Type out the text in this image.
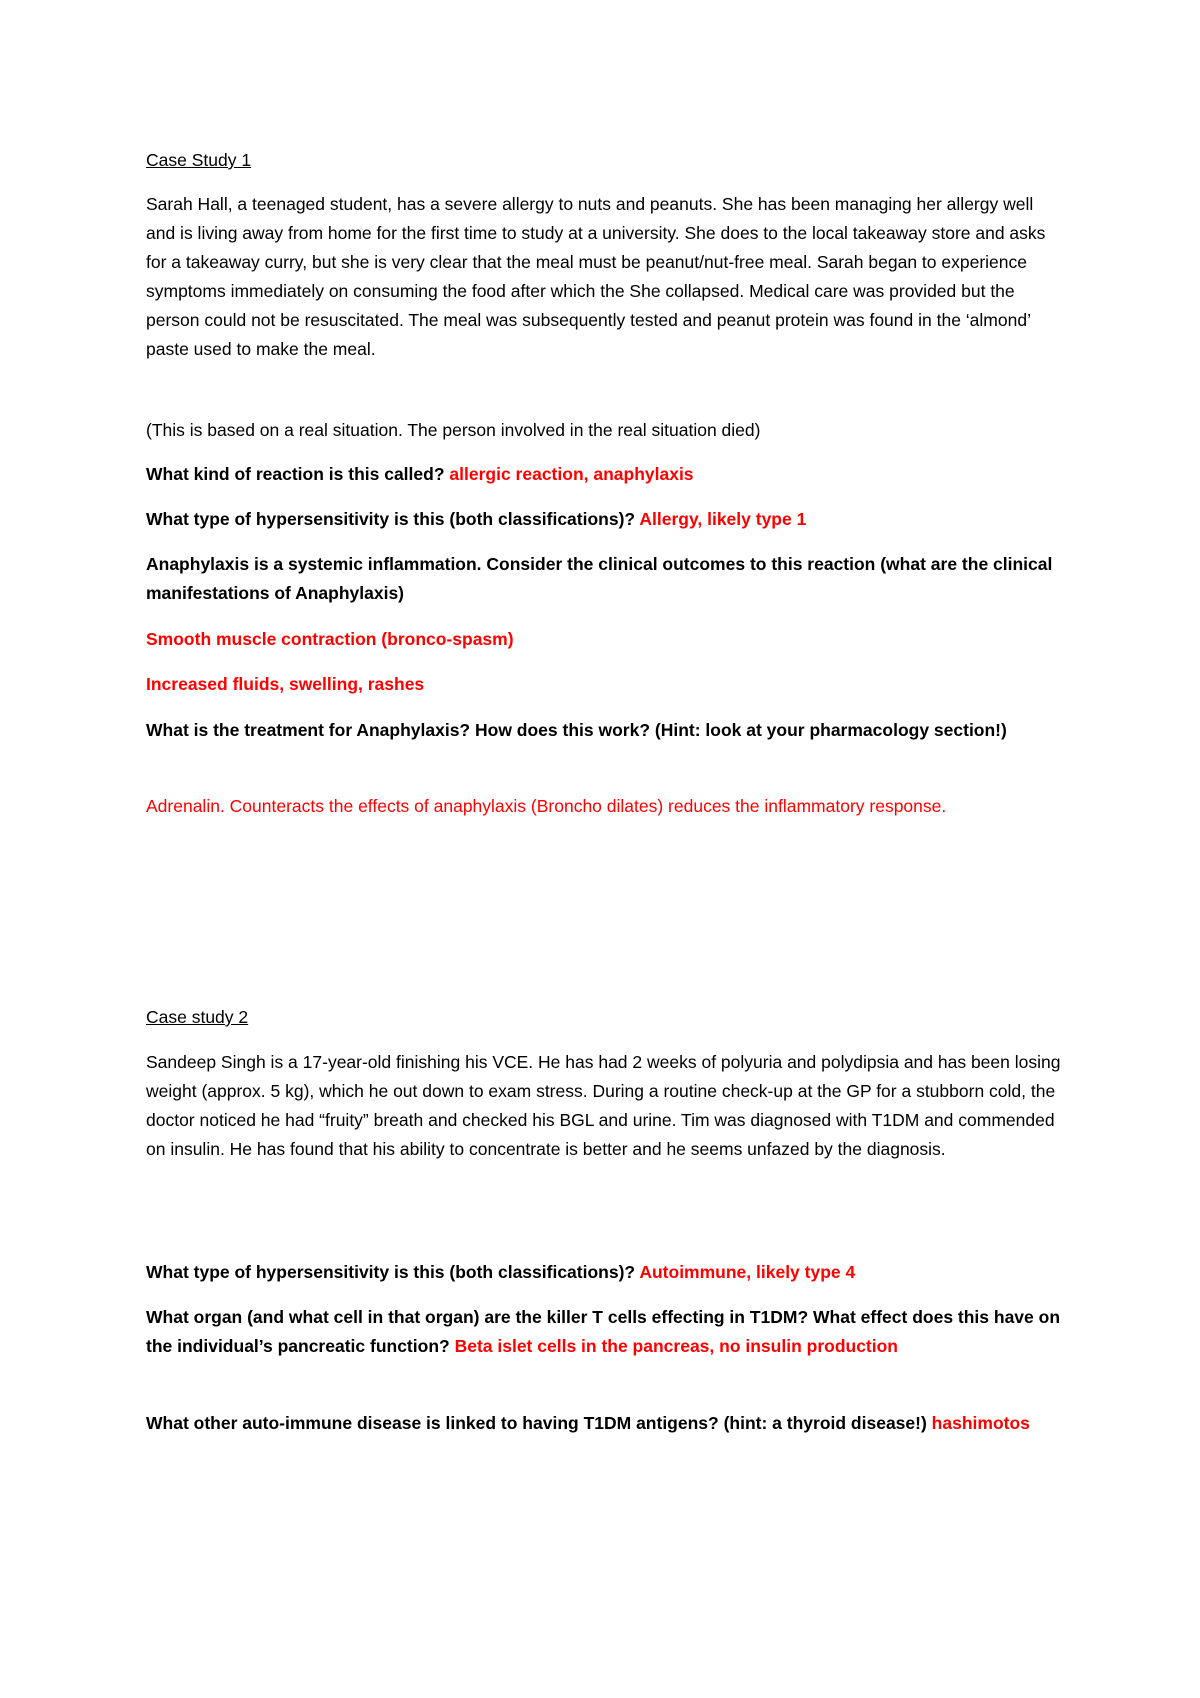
Case Study 1

Sarah Hall, a teenaged student, has a severe allergy to nuts and peanuts. She has been managing her allergy well and is living away from home for the first time to study at a university. She does to the local takeaway store and asks for a takeaway curry, but she is very clear that the meal must be peanut/nut-free meal. Sarah began to experience symptoms immediately on consuming the food after which the She collapsed. Medical care was provided but the person could not be resuscitated. The meal was subsequently tested and peanut protein was found in the ‘almond’ paste used to make the meal.

(This is based on a real situation. The person involved in the real situation died)

What kind of reaction is this called? allergic reaction, anaphylaxis

What type of hypersensitivity is this (both classifications)? Allergy, likely type 1

Anaphylaxis is a systemic inflammation. Consider the clinical outcomes to this reaction (what are the clinical manifestations of Anaphylaxis)

Smooth muscle contraction (bronco-spasm)

Increased fluids, swelling, rashes

What is the treatment for Anaphylaxis? How does this work? (Hint: look at your pharmacology section!)

Adrenalin. Counteracts the effects of anaphylaxis (Broncho dilates) reduces the inflammatory response.

Case study 2

Sandeep Singh is a 17-year-old finishing his VCE. He has had 2 weeks of polyuria and polydipsia and has been losing weight (approx. 5 kg), which he out down to exam stress. During a routine check-up at the GP for a stubborn cold, the doctor noticed he had “fruity” breath and checked his BGL and urine. Tim was diagnosed with T1DM and commended on insulin. He has found that his ability to concentrate is better and he seems unfazed by the diagnosis.

What type of hypersensitivity is this (both classifications)? Autoimmune, likely type 4

What organ (and what cell in that organ) are the killer T cells effecting in T1DM? What effect does this have on the individual’s pancreatic function? Beta islet cells in the pancreas, no insulin production

What other auto-immune disease is linked to having T1DM antigens? (hint: a thyroid disease!) hashimotos
